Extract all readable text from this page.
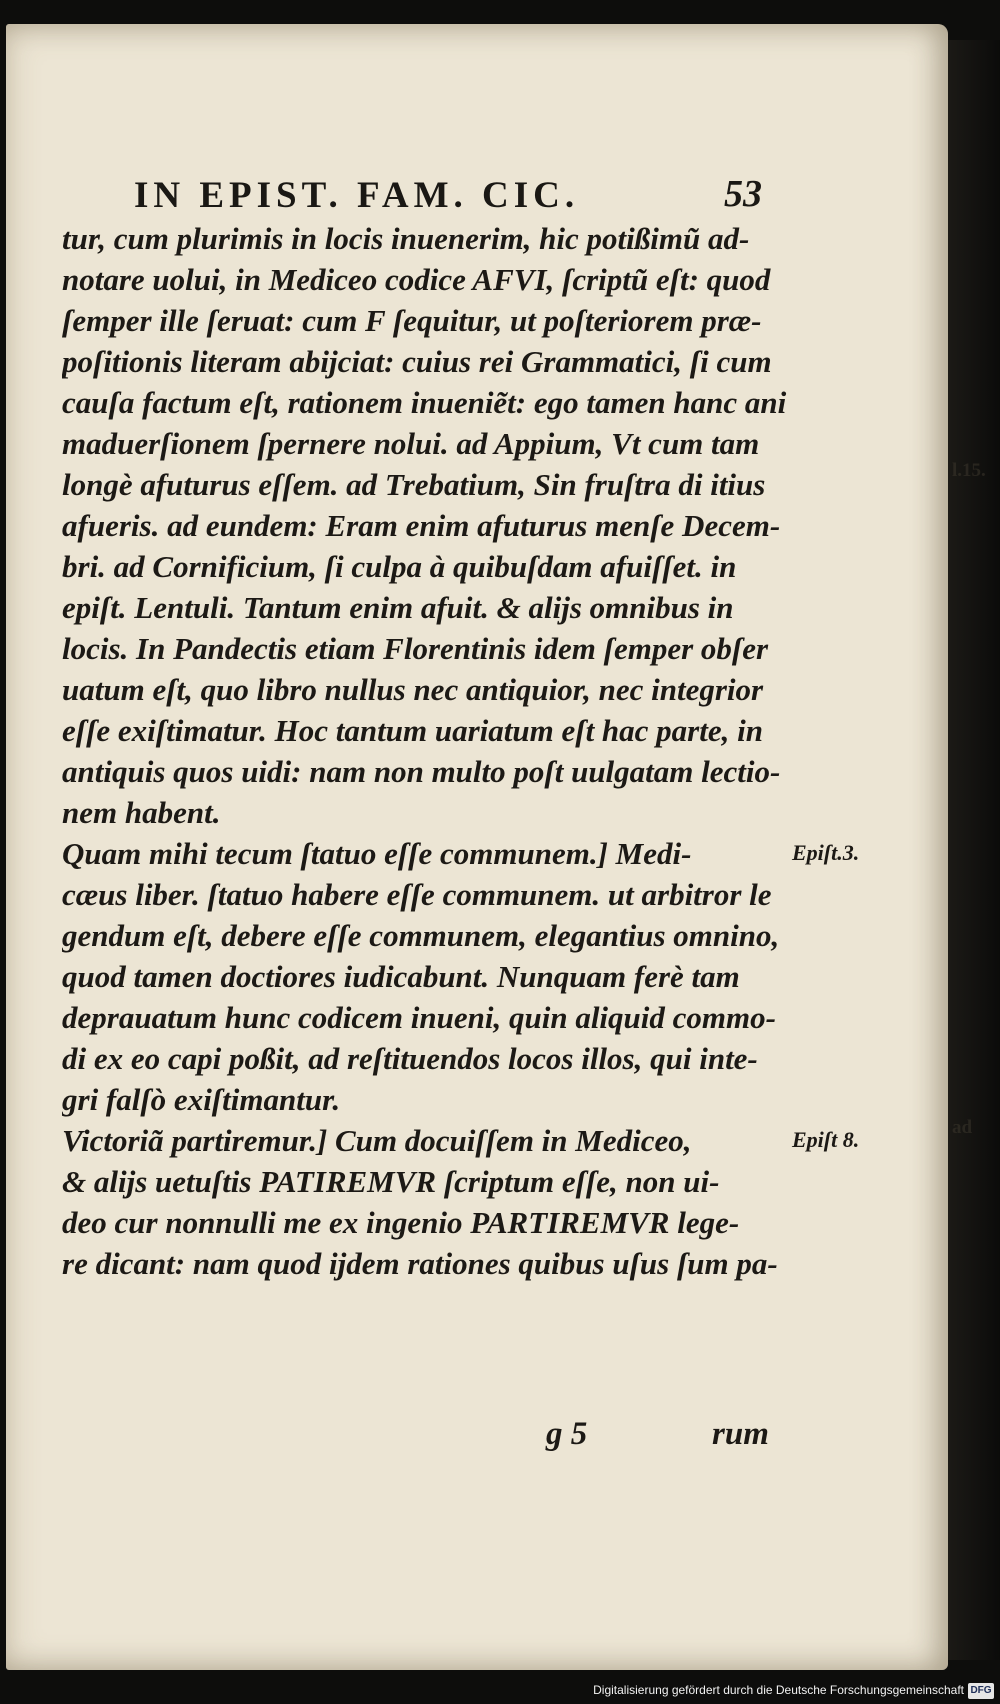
l.15.
ad
IN EPIST. FAM. CIC.	53
tur, cum plurimis in locis inuenerim, hic potißimũ ad-
notare uolui, in Mediceo codice AFVI, ſcriptũ eſt: quod
ſemper ille ſeruat: cum F ſequitur, ut poſteriorem præ-
poſitionis literam abijciat: cuius rei Grammatici, ſi cum
cauſa factum eſt, rationem inueniẽt: ego tamen hanc ani
maduerſionem ſpernere nolui. ad Appium, Vt cum tam
longè afuturus eſſem. ad Trebatium, Sin fruſtra di itius
afueris. ad eundem: Eram enim afuturus menſe Decem-
bri. ad Cornificium, ſi culpa à quibuſdam afuiſſet. in
epiſt. Lentuli. Tantum enim afuit. & alijs omnibus in
locis. In Pandectis etiam Florentinis idem ſemper obſer
uatum eſt, quo libro nullus nec antiquior, nec integrior
eſſe exiſtimatur. Hoc tantum uariatum eſt hac parte, in
antiquis quos uidi: nam non multo poſt uulgatam lectio-
nem habent.
Quam mihi tecum ſtatuo eſſe communem.] Medi-
cæus liber. ſtatuo habere eſſe communem. ut arbitror le
gendum eſt, debere eſſe communem, elegantius omnino,
quod tamen doctiores iudicabunt. Nunquam ferè tam
deprauatum hunc codicem inueni, quin aliquid commo-
di ex eo capi poßit, ad reſtituendos locos illos, qui inte-
gri falſò exiſtimantur.
Victoriã partiremur.] Cum docuiſſem in Mediceo,
& alijs uetuſtis PATIREMVR ſcriptum eſſe, non ui-
deo cur nonnulli me ex ingenio PARTIREMVR lege-
re dicant: nam quod ijdem rationes quibus uſus ſum pa-
Epiſt.3.
Epiſt 8.
g 5	rum
Digitalisierung gefördert durch die Deutsche Forschungsgemeinschaft DFG
